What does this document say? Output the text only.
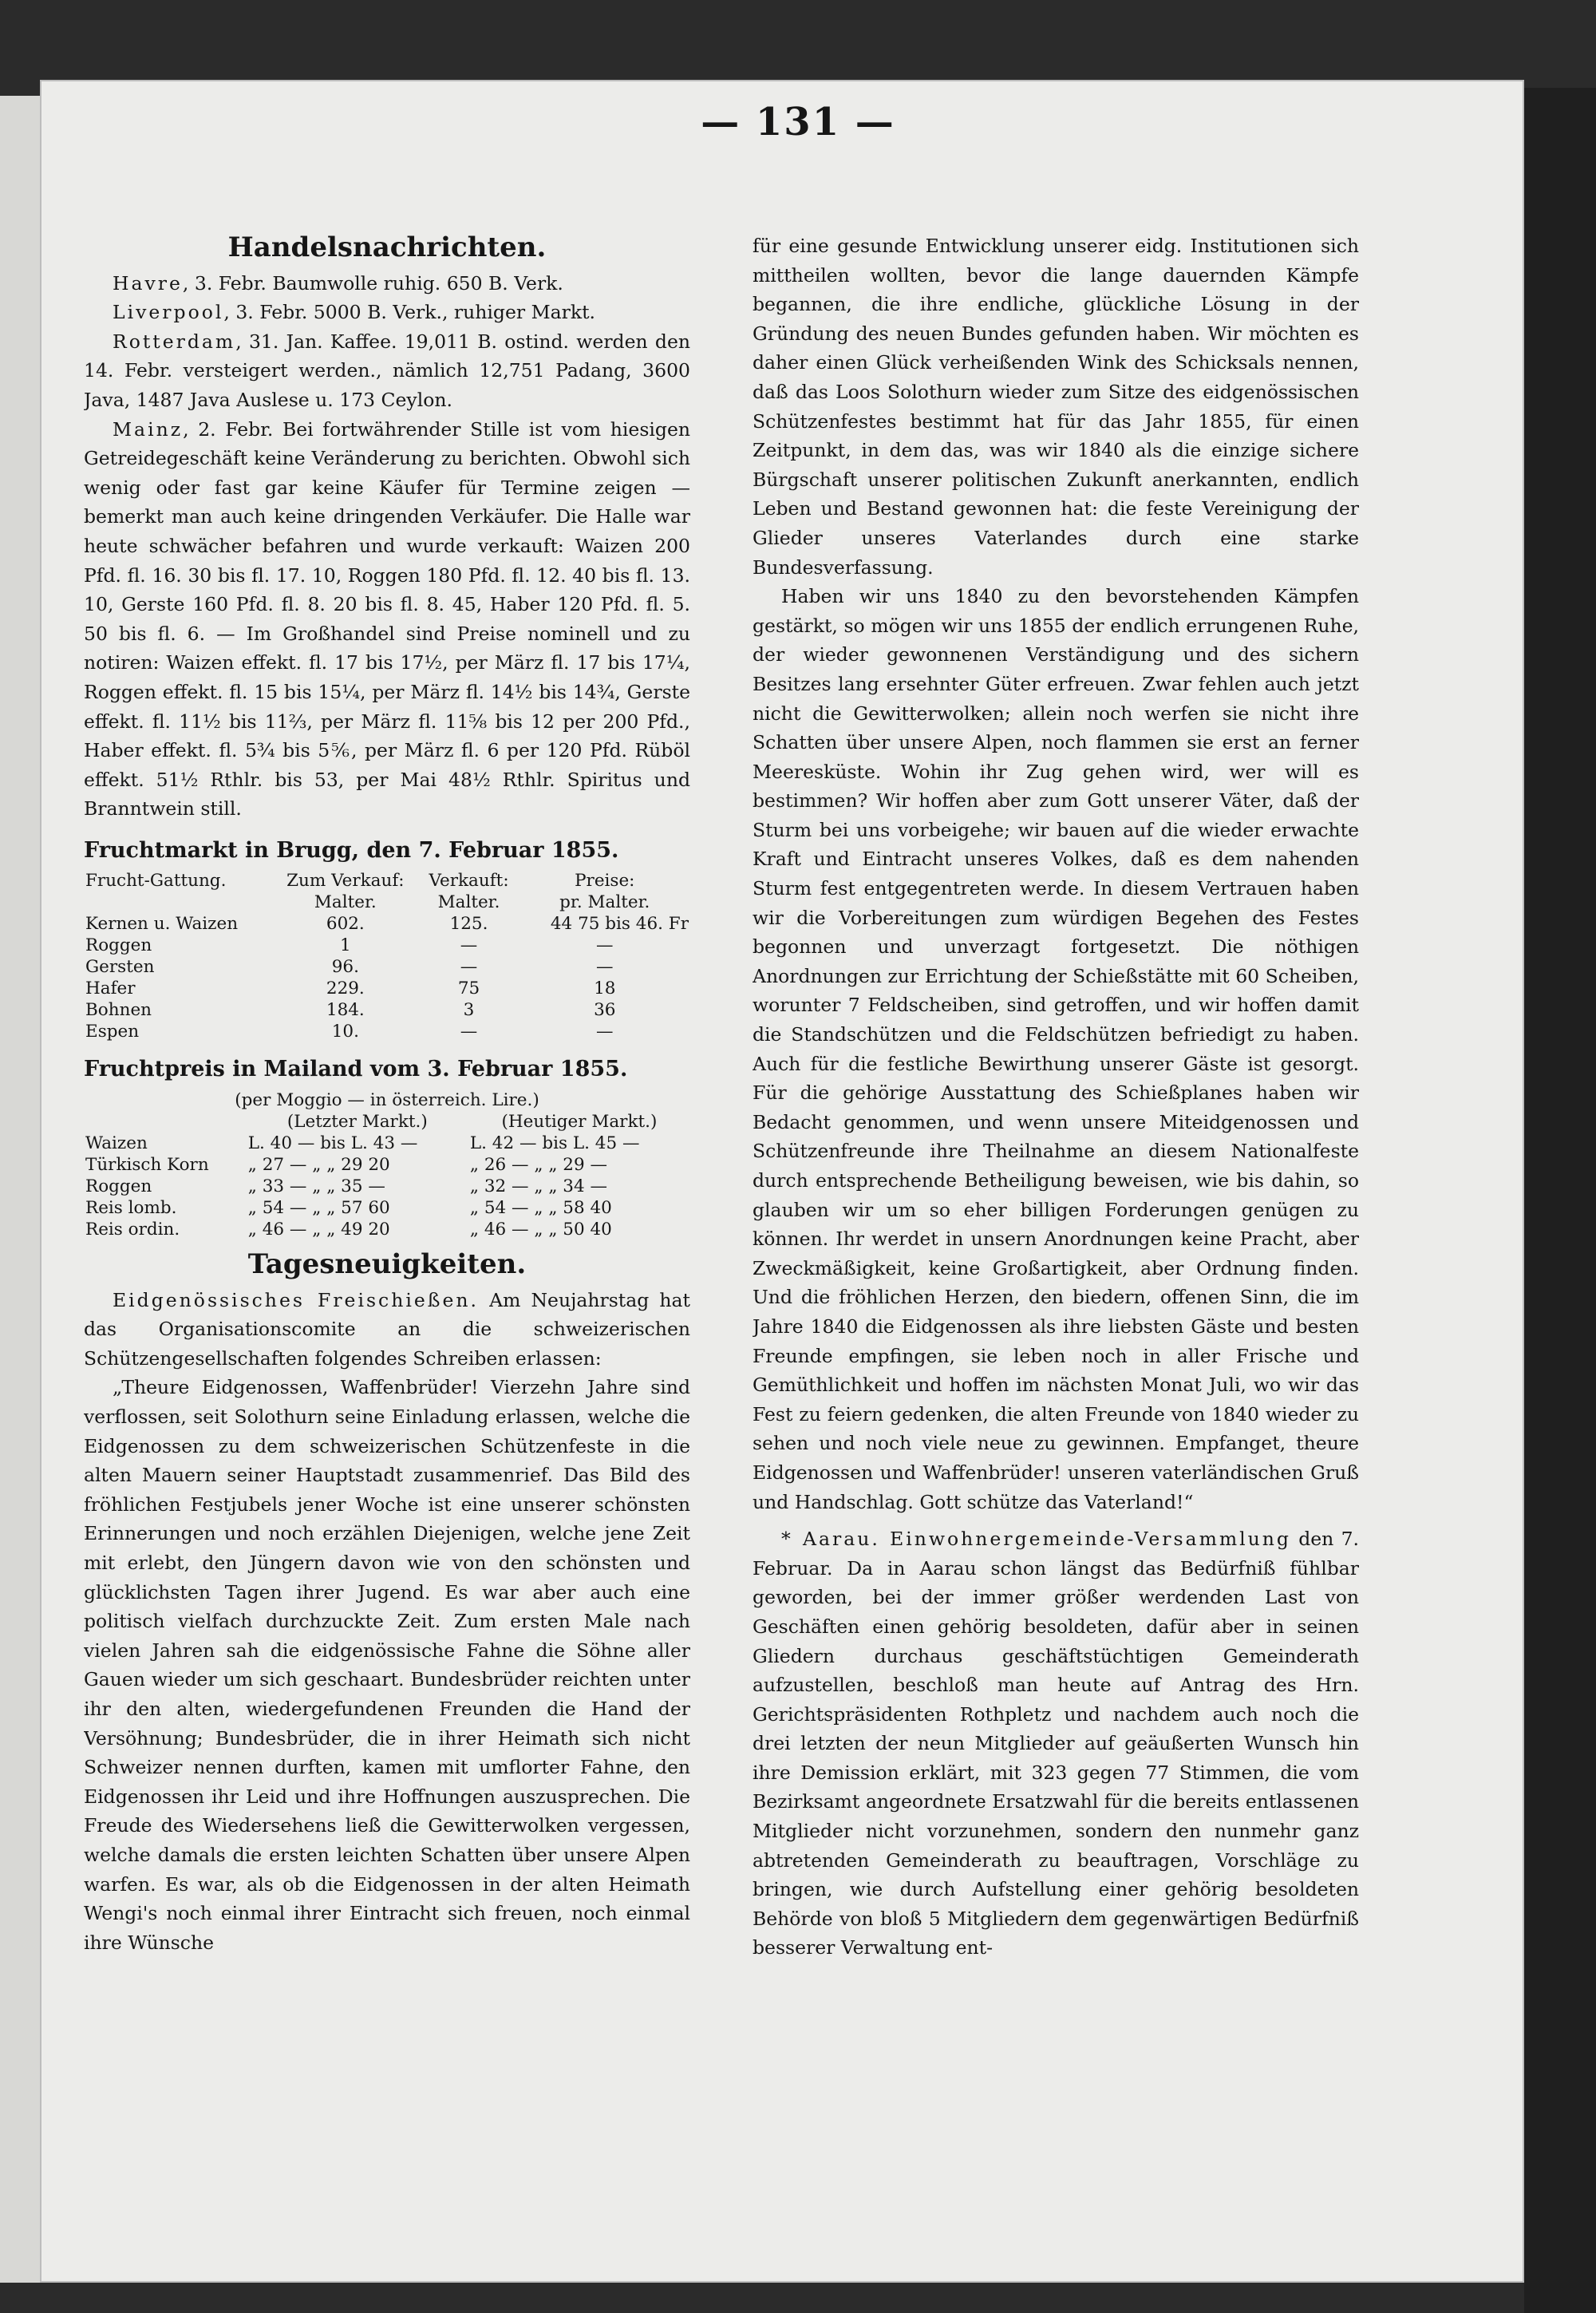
— 131 —
Handelsnachrichten.

Havre, 3. Febr. Baumwolle ruhig. 650 B. Verk.

Liverpool, 3. Febr. 5000 B. Verk., ruhiger Markt.

Rotterdam, 31. Jan. Kaffee. 19,011 B. ostind. werden den 14. Febr. versteigert werden., nämlich 12,751 Padang, 3600 Java, 1487 Java Auslese u. 173 Ceylon.

Mainz, 2. Febr. Bei fortwährender Stille ist vom hiesigen Getreidegeschäft keine Veränderung zu berichten. Obwohl sich wenig oder fast gar keine Käufer für Termine zeigen — bemerkt man auch keine dringenden Verkäufer. Die Halle war heute schwächer befahren und wurde verkauft: Waizen 200 Pfd. fl. 16. 30 bis fl. 17. 10, Roggen 180 Pfd. fl. 12. 40 bis fl. 13. 10, Gerste 160 Pfd. fl. 8. 20 bis fl. 8. 45, Haber 120 Pfd. fl. 5. 50 bis fl. 6. — Im Großhandel sind Preise nominell und zu notiren: Waizen effekt. fl. 17 bis 17½, per März fl. 17 bis 17¼, Roggen effekt. fl. 15 bis 15¼, per März fl. 14½ bis 14¾, Gerste effekt. fl. 11½ bis 11⅔, per März fl. 11⅝ bis 12 per 200 Pfd., Haber effekt. fl. 5¾ bis 5⅚, per März fl. 6 per 120 Pfd. Rüböl effekt. 51½ Rthlr. bis 53, per Mai 48½ Rthlr. Spiritus und Branntwein still.

Fruchtmarkt in Brugg, den 7. Februar 1855.
Frucht-Gattung.	Zum Verkauf:	Verkauft:	Preise:
	Malter.	Malter.	pr. Malter.
Kernen u. Waizen	602.	125.	44 75 bis 46. Fr
Roggen	1	—	—
Gersten	96.	—	—
Hafer	229.	75	18
Bohnen	184.	3	36
Espen	10.	—	—
Fruchtpreis in Mailand vom 3. Februar 1855.
(per Moggio — in österreich. Lire.)
	(Letzter Markt.)	(Heutiger Markt.)
Waizen	L. 40 — bis L. 43 —	L. 42 — bis L. 45 —
Türkisch Korn	„ 27 — „ „ 29 20	„ 26 — „ „ 29 —
Roggen	„ 33 — „ „ 35 —	„ 32 — „ „ 34 —
Reis lomb.	„ 54 — „ „ 57 60	„ 54 — „ „ 58 40
Reis ordin.	„ 46 — „ „ 49 20	„ 46 — „ „ 50 40
Tagesneuigkeiten.

Eidgenössisches Freischießen. Am Neujahrstag hat das Organisationscomite an die schweizerischen Schützengesellschaften folgendes Schreiben erlassen:

„Theure Eidgenossen, Waffenbrüder! Vierzehn Jahre sind verflossen, seit Solothurn seine Einladung erlassen, welche die Eidgenossen zu dem schweizerischen Schützenfeste in die alten Mauern seiner Hauptstadt zusammenrief. Das Bild des fröhlichen Festjubels jener Woche ist eine unserer schönsten Erinnerungen und noch erzählen Diejenigen, welche jene Zeit mit erlebt, den Jüngern davon wie von den schönsten und glücklichsten Tagen ihrer Jugend. Es war aber auch eine politisch vielfach durchzuckte Zeit. Zum ersten Male nach vielen Jahren sah die eidgenössische Fahne die Söhne aller Gauen wieder um sich geschaart. Bundesbrüder reichten unter ihr den alten, wiedergefundenen Freunden die Hand der Versöhnung; Bundesbrüder, die in ihrer Heimath sich nicht Schweizer nennen durften, kamen mit umflorter Fahne, den Eidgenossen ihr Leid und ihre Hoffnungen auszusprechen. Die Freude des Wiedersehens ließ die Gewitterwolken vergessen, welche damals die ersten leichten Schatten über unsere Alpen warfen. Es war, als ob die Eidgenossen in der alten Heimath Wengi's noch einmal ihrer Eintracht sich freuen, noch einmal ihre Wünsche

für eine gesunde Entwicklung unserer eidg. Institutionen sich mittheilen wollten, bevor die lange dauernden Kämpfe begannen, die ihre endliche, glückliche Lösung in der Gründung des neuen Bundes gefunden haben. Wir möchten es daher einen Glück verheißenden Wink des Schicksals nennen, daß das Loos Solothurn wieder zum Sitze des eidgenössischen Schützenfestes bestimmt hat für das Jahr 1855, für einen Zeitpunkt, in dem das, was wir 1840 als die einzige sichere Bürgschaft unserer politischen Zukunft anerkannten, endlich Leben und Bestand gewonnen hat: die feste Vereinigung der Glieder unseres Vaterlandes durch eine starke Bundesverfassung.

Haben wir uns 1840 zu den bevorstehenden Kämpfen gestärkt, so mögen wir uns 1855 der endlich errungenen Ruhe, der wieder gewonnenen Verständigung und des sichern Besitzes lang ersehnter Güter erfreuen. Zwar fehlen auch jetzt nicht die Gewitterwolken; allein noch werfen sie nicht ihre Schatten über unsere Alpen, noch flammen sie erst an ferner Meeresküste. Wohin ihr Zug gehen wird, wer will es bestimmen? Wir hoffen aber zum Gott unserer Väter, daß der Sturm bei uns vorbeigehe; wir bauen auf die wieder erwachte Kraft und Eintracht unseres Volkes, daß es dem nahenden Sturm fest entgegentreten werde. In diesem Vertrauen haben wir die Vorbereitungen zum würdigen Begehen des Festes begonnen und unverzagt fortgesetzt. Die nöthigen Anordnungen zur Errichtung der Schießstätte mit 60 Scheiben, worunter 7 Feldscheiben, sind getroffen, und wir hoffen damit die Standschützen und die Feldschützen befriedigt zu haben. Auch für die festliche Bewirthung unserer Gäste ist gesorgt. Für die gehörige Ausstattung des Schießplanes haben wir Bedacht genommen, und wenn unsere Miteidgenossen und Schützenfreunde ihre Theilnahme an diesem Nationalfeste durch entsprechende Betheiligung beweisen, wie bis dahin, so glauben wir um so eher billigen Forderungen genügen zu können. Ihr werdet in unsern Anordnungen keine Pracht, aber Zweckmäßigkeit, keine Großartigkeit, aber Ordnung finden. Und die fröhlichen Herzen, den biedern, offenen Sinn, die im Jahre 1840 die Eidgenossen als ihre liebsten Gäste und besten Freunde empfingen, sie leben noch in aller Frische und Gemüthlichkeit und hoffen im nächsten Monat Juli, wo wir das Fest zu feiern gedenken, die alten Freunde von 1840 wieder zu sehen und noch viele neue zu gewinnen. Empfanget, theure Eidgenossen und Waffenbrüder! unseren vaterländischen Gruß und Handschlag. Gott schütze das Vaterland!“

* Aarau. Einwohnergemeinde-Versammlung den 7. Februar. Da in Aarau schon längst das Bedürfniß fühlbar geworden, bei der immer größer werdenden Last von Geschäften einen gehörig besoldeten, dafür aber in seinen Gliedern durchaus geschäftstüchtigen Gemeinderath aufzustellen, beschloß man heute auf Antrag des Hrn. Gerichtspräsidenten Rothpletz und nachdem auch noch die drei letzten der neun Mitglieder auf geäußerten Wunsch hin ihre Demission erklärt, mit 323 gegen 77 Stimmen, die vom Bezirksamt angeordnete Ersatzwahl für die bereits entlassenen Mitglieder nicht vorzunehmen, sondern den nunmehr ganz abtretenden Gemeinderath zu beauftragen, Vorschläge zu bringen, wie durch Aufstellung einer gehörig besoldeten Behörde von bloß 5 Mitgliedern dem gegenwärtigen Bedürfniß besserer Verwaltung ent-
